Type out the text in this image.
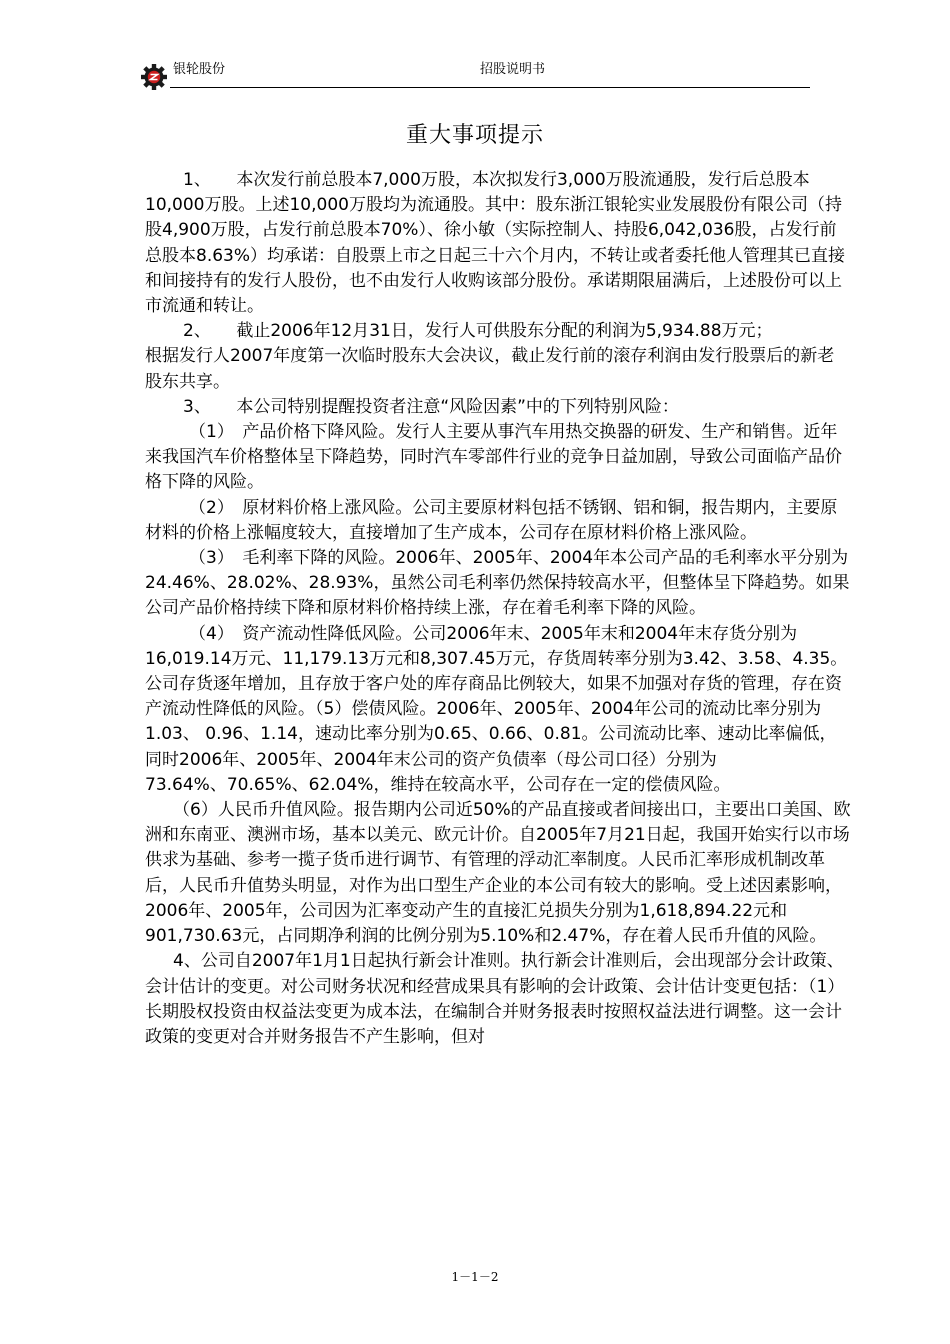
银轮股份	招股说明书
重大事项提示

1、　　本次发行前总股本7,000万股，本次拟发行3,000万股流通股，发行后总股本10,000万股。上述10,000万股均为流通股。其中：股东浙江银轮实业发展股份有限公司（持股4,900万股，占发行前总股本70%）、徐小敏（实际控制人、持股6,042,036股，占发行前总股本8.63%）均承诺：自股票上市之日起三十六个月内，不转让或者委托他人管理其已直接和间接持有的发行人股份，也不由发行人收购该部分股份。承诺期限届满后，上述股份可以上市流通和转让。

2、　　截止2006年12月31日，发行人可供股东分配的利润为5,934.88万元；

根据发行人2007年度第一次临时股东大会决议，截止发行前的滚存利润由发行股票后的新老股东共享。

3、　　本公司特别提醒投资者注意“风险因素”中的下列特别风险：

（1）　产品价格下降风险。发行人主要从事汽车用热交换器的研发、生产和销售。近年来我国汽车价格整体呈下降趋势，同时汽车零部件行业的竞争日益加剧，导致公司面临产品价格下降的风险。

（2）　原材料价格上涨风险。公司主要原材料包括不锈钢、铝和铜，报告期内，主要原材料的价格上涨幅度较大，直接增加了生产成本，公司存在原材料价格上涨风险。

（3）　毛利率下降的风险。2006年、2005年、2004年本公司产品的毛利率水平分别为24.46%、28.02%、28.93%，虽然公司毛利率仍然保持较高水平，但整体呈下降趋势。如果公司产品价格持续下降和原材料价格持续上涨，存在着毛利率下降的风险。

（4）　资产流动性降低风险。公司2006年末、2005年末和2004年末存货分别为16,019.14万元、11,179.13万元和8,307.45万元，存货周转率分别为3.42、3.58、4.35。公司存货逐年增加，且存放于客户处的库存商品比例较大，如果不加强对存货的管理，存在资产流动性降低的风险。（5）偿债风险。2006年、2005年、2004年公司的流动比率分别为1.03、 0.96、1.14，速动比率分别为0.65、0.66、0.81。公司流动比率、速动比率偏低，同时2006年、2005年、2004年末公司的资产负债率（母公司口径）分别为

73.64%、70.65%、62.04%，维持在较高水平，公司存在一定的偿债风险。

（6）人民币升值风险。报告期内公司近50%的产品直接或者间接出口，主要出口美国、欧洲和东南亚、澳洲市场，基本以美元、欧元计价。自2005年7月21日起，我国开始实行以市场供求为基础、参考一揽子货币进行调节、有管理的浮动汇率制度。人民币汇率形成机制改革后，人民币升值势头明显，对作为出口型生产企业的本公司有较大的影响。受上述因素影响，2006年、2005年，公司因为汇率变动产生的直接汇兑损失分别为1,618,894.22元和

901,730.63元，占同期净利润的比例分别为5.10%和2.47%，存在着人民币升值的风险。

4、公司自2007年1月1日起执行新会计准则。执行新会计准则后，会出现部分会计政策、会计估计的变更。对公司财务状况和经营成果具有影响的会计政策、会计估计变更包括：（1）长期股权投资由权益法变更为成本法，在编制合并财务报表时按照权益法进行调整。这一会计政策的变更对合并财务报告不产生影响，但对

1－1－2
